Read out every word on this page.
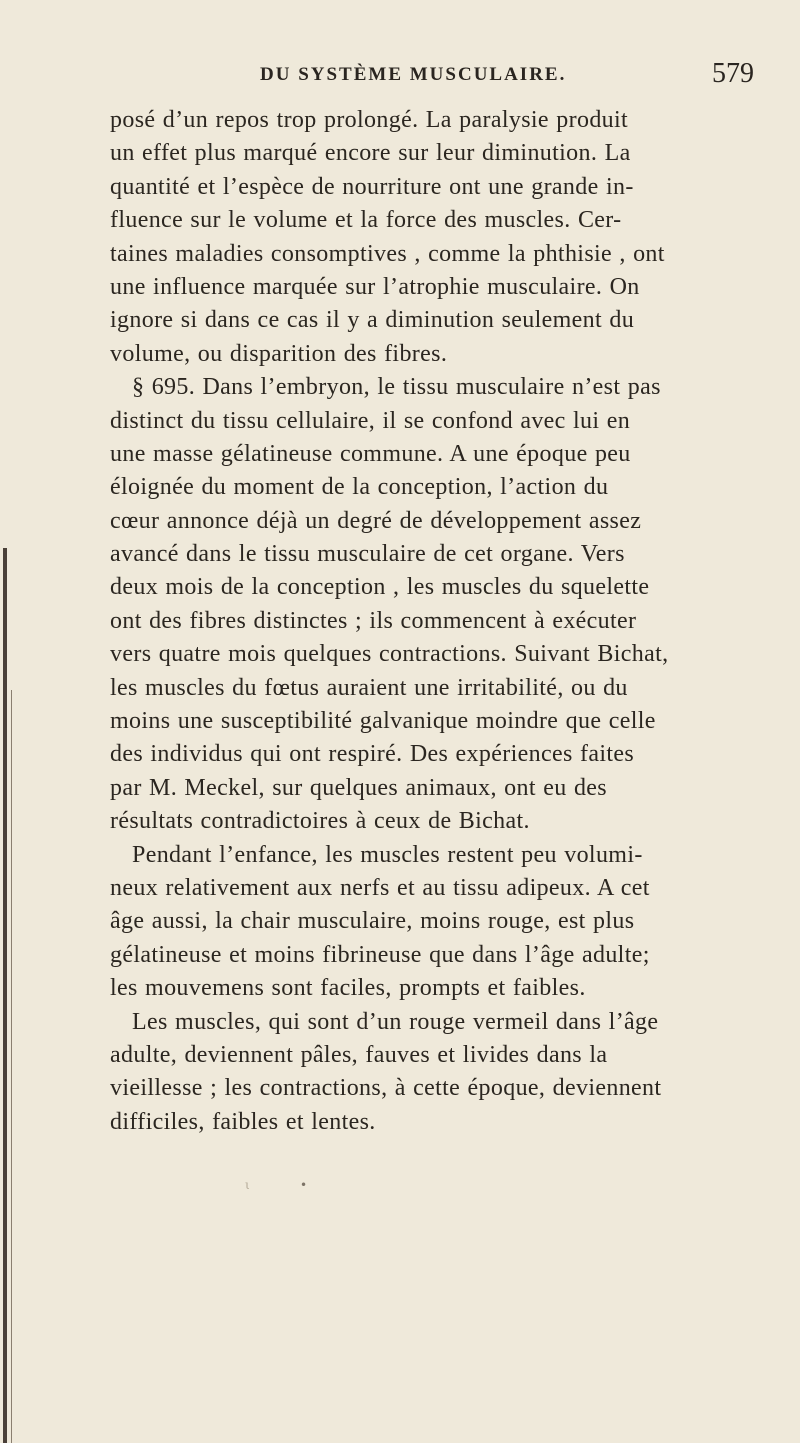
DU SYSTÈME MUSCULAIRE.	579
posé d’un repos trop prolongé. La paralysie produit
un effet plus marqué encore sur leur diminution. La
quantité et l’espèce de nourriture ont une grande in-
fluence sur le volume et la force des muscles. Cer-
taines maladies consomptives , comme la phthisie , ont
une influence marquée sur l’atrophie musculaire. On
ignore si dans ce cas il y a diminution seulement du
volume, ou disparition des fibres.
§ 695. Dans l’embryon, le tissu musculaire n’est pas
distinct du tissu cellulaire, il se confond avec lui en
une masse gélatineuse commune. A une époque peu
éloignée du moment de la conception, l’action du
cœur annonce déjà un degré de développement assez
avancé dans le tissu musculaire de cet organe. Vers
deux mois de la conception , les muscles du squelette
ont des fibres distinctes ; ils commencent à exécuter
vers quatre mois quelques contractions. Suivant Bichat,
les muscles du fœtus auraient une irritabilité, ou du
moins une susceptibilité galvanique moindre que celle
des individus qui ont respiré. Des expériences faites
par M. Meckel, sur quelques animaux, ont eu des
résultats contradictoires à ceux de Bichat.
Pendant l’enfance, les muscles restent peu volumi-
neux relativement aux nerfs et au tissu adipeux. A cet
âge aussi, la chair musculaire, moins rouge, est plus
gélatineuse et moins fibrineuse que dans l’âge adulte;
les mouvemens sont faciles, prompts et faibles.
Les muscles, qui sont d’un rouge vermeil dans l’âge
adulte, deviennent pâles, fauves et livides dans la
vieillesse ; les contractions, à cette époque, deviennent
difficiles, faibles et lentes.
ι	•
